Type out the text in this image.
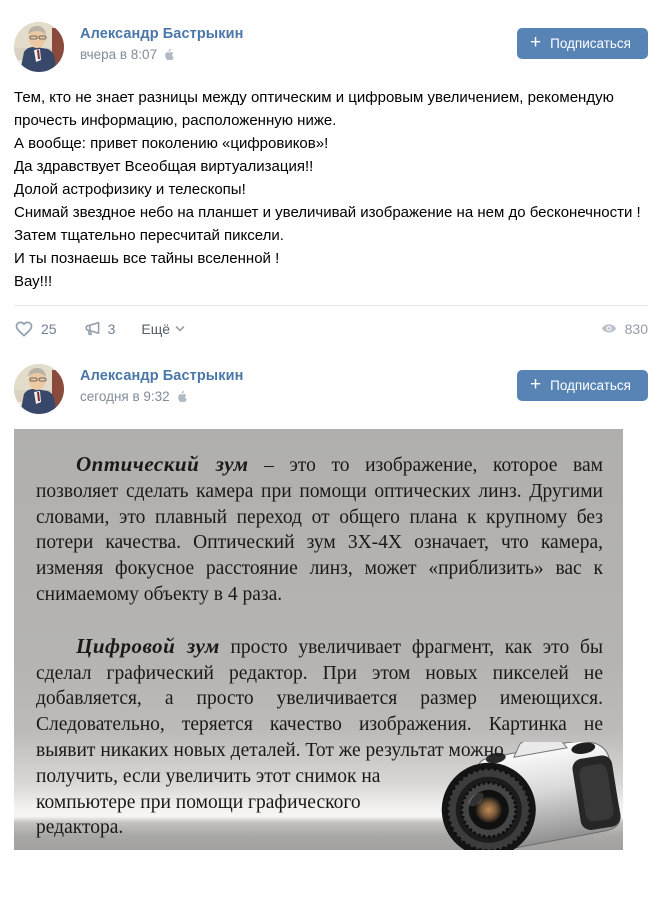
Александр Бастрыкин
вчера в 8:07
+ Подписаться
Тем, кто не знает разницы между оптическим и цифровым увеличением, рекомендую прочесть информацию, расположенную ниже.
А вообще: привет поколению «цифровиков»!
Да здравствует Всеобщая виртуализация!!
Долой астрофизику и телескопы!
Снимай звездное небо на планшет и увеличивай изображение на нем до бесконечности !
Затем тщательно пересчитай пиксели.
И ты познаешь все тайны вселенной !
Вау!!!
25	3 Ещё	830
Александр Бастрыкин
сегодня в 9:32
+ Подписаться
Оптический зум – это то изображение, которое вам позволяет сделать камера при помощи оптических линз. Другими словами, это плавный переход от общего плана к крупному без потери качества. Оптический зум 3Х-4Х означает, что камера, изменяя фокусное расстояние линз, может «приблизить» вас к снимаемому объекту в 4 раза.
Цифровой зум просто увеличивает фрагмент, как это бы сделал графический редактор. При этом новых пикселей не добавляется, а просто увеличивается размер имеющихся. Следовательно, теряется качество изображения. Картинка не выявит никаких новых деталей. Тот же результат можно
получить, если увеличить этот снимок на компьютере при помощи графического редактора.
